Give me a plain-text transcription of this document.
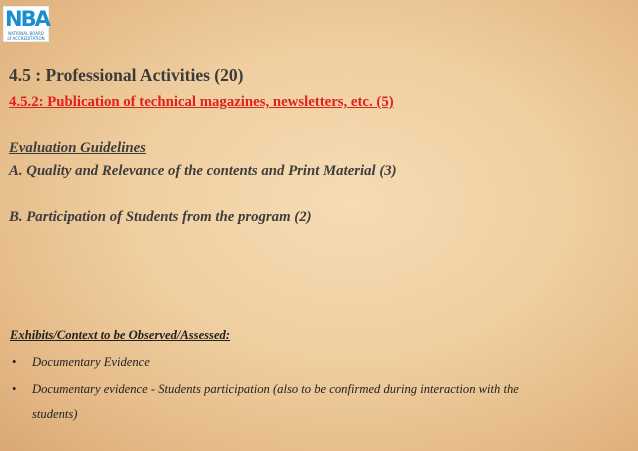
NBA
NATIONAL BOARD
of ACCREDITATION
4.5 : Professional Activities (20)
4.5.2: Publication of technical magazines, newsletters, etc. (5)

Evaluation Guidelines

A. Quality and Relevance of the contents and Print Material (3)

B. Participation of Students from the program (2)

Exhibits/Context to be Observed/Assessed:

• Documentary Evidence
• Documentary evidence - Students participation (also to be confirmed during interaction with the
students)
